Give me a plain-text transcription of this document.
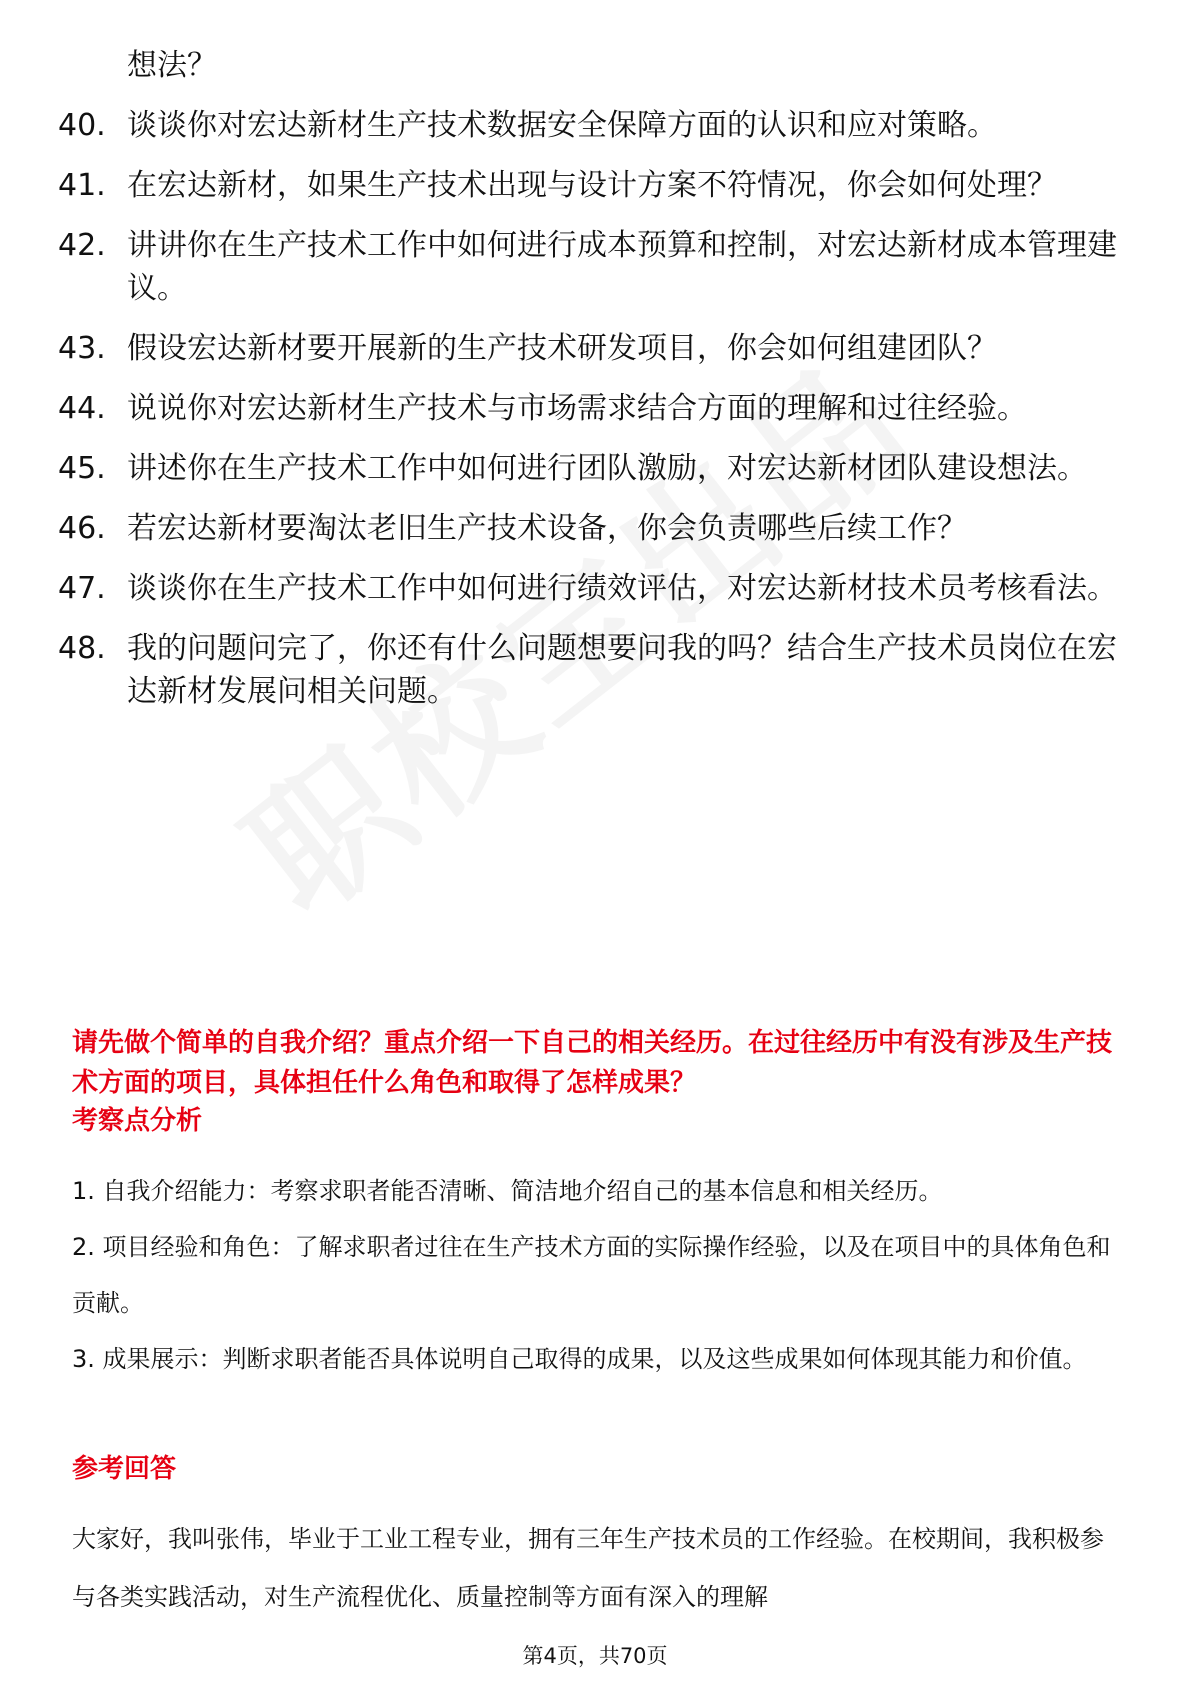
想法？
40. 谈谈你对宏达新材生产技术数据安全保障方面的认识和应对策略。
41. 在宏达新材，如果生产技术出现与设计方案不符情况，你会如何处理？
42. 讲讲你在生产技术工作中如何进行成本预算和控制，对宏达新材成本管理建议。
43. 假设宏达新材要开展新的生产技术研发项目，你会如何组建团队？
44. 说说你对宏达新材生产技术与市场需求结合方面的理解和过往经验。
45. 讲述你在生产技术工作中如何进行团队激励，对宏达新材团队建设想法。
46. 若宏达新材要淘汰老旧生产技术设备，你会负责哪些后续工作？
47. 谈谈你在生产技术工作中如何进行绩效评估，对宏达新材技术员考核看法。
48. 我的问题问完了，你还有什么问题想要问我的吗？结合生产技术员岗位在宏达新材发展问相关问题。
请先做个简单的自我介绍？重点介绍一下自己的相关经历。在过往经历中有没有涉及生产技术方面的项目，具体担任什么角色和取得了怎样成果？
考察点分析

1. 自我介绍能力：考察求职者能否清晰、简洁地介绍自己的基本信息和相关经历。

2. 项目经验和角色：了解求职者过往在生产技术方面的实际操作经验，以及在项目中的具体角色和贡献。

3. 成果展示：判断求职者能否具体说明自己取得的成果，以及这些成果如何体现其能力和价值。

参考回答

大家好，我叫张伟，毕业于工业工程专业，拥有三年生产技术员的工作经验。在校期间，我积极参与各类实践活动，对生产流程优化、质量控制等方面有深入的理解

第4页，共70页
